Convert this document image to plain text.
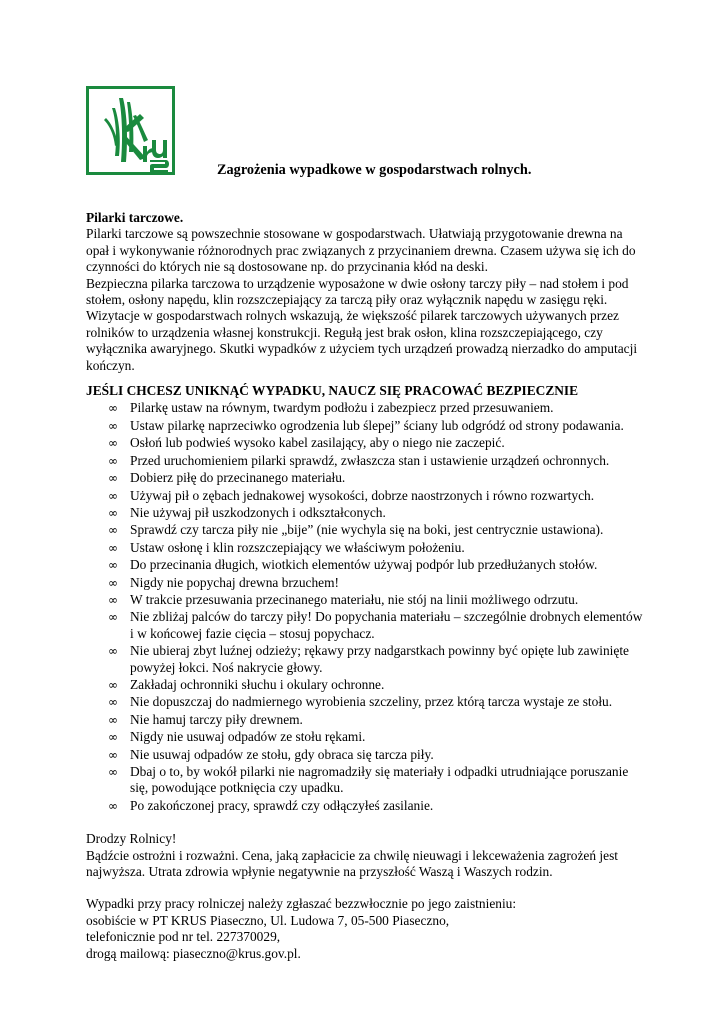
Zagrożenia wypadkowe w gospodarstwach rolnych.

Pilarki tarczowe.

Pilarki tarczowe są powszechnie stosowane w gospodarstwach. Ułatwiają przygotowanie drewna na opał i wykonywanie różnorodnych prac związanych z przycinaniem drewna. Czasem używa się ich do czynności do których nie są dostosowane np. do przycinania kłód na deski.

Bezpieczna pilarka tarczowa to urządzenie wyposażone w dwie osłony tarczy piły – nad stołem i pod stołem, osłony napędu, klin rozszczepiający za tarczą piły oraz wyłącznik napędu w zasięgu ręki.

Wizytacje w gospodarstwach rolnych wskazują, że większość pilarek tarczowych używanych przez rolników to urządzenia własnej konstrukcji. Regułą jest brak osłon, klina rozszczepiającego, czy wyłącznika awaryjnego. Skutki wypadków z użyciem tych urządzeń prowadzą nierzadko do amputacji kończyn.

JEŚLI CHCESZ UNIKNĄĆ WYPADKU, NAUCZ SIĘ PRACOWAĆ BEZPIECZNIE

∞ Pilarkę ustaw na równym, twardym podłożu i zabezpiecz przed przesuwaniem.
∞ Ustaw pilarkę naprzeciwko ogrodzenia lub ślepej” ściany lub odgródź od strony podawania.
∞ Osłoń lub podwieś wysoko kabel zasilający, aby o niego nie zaczepić.
∞ Przed uruchomieniem pilarki sprawdź, zwłaszcza stan i ustawienie urządzeń ochronnych.
∞ Dobierz piłę do przecinanego materiału.
∞ Używaj pił o zębach jednakowej wysokości, dobrze naostrzonych i równo rozwartych.
∞ Nie używaj pił uszkodzonych i odkształconych.
∞ Sprawdź czy tarcza piły nie „bije” (nie wychyla się na boki, jest centrycznie ustawiona).
∞ Ustaw osłonę i klin rozszczepiający we właściwym położeniu.
∞ Do przecinania długich, wiotkich elementów używaj podpór lub przedłużanych stołów.
∞ Nigdy nie popychaj drewna brzuchem!
∞ W trakcie przesuwania przecinanego materiału, nie stój na linii możliwego odrzutu.
∞ Nie zbliżaj palców do tarczy piły! Do popychania materiału – szczególnie drobnych elementów i w końcowej fazie cięcia – stosuj popychacz.
∞ Nie ubieraj zbyt luźnej odzieży; rękawy przy nadgarstkach powinny być opięte lub zawinięte powyżej łokci. Noś nakrycie głowy.
∞ Zakładaj ochronniki słuchu i okulary ochronne.
∞ Nie dopuszczaj do nadmiernego wyrobienia szczeliny, przez którą tarcza wystaje ze stołu.
∞ Nie hamuj tarczy piły drewnem.
∞ Nigdy nie usuwaj odpadów ze stołu rękami.
∞ Nie usuwaj odpadów ze stołu, gdy obraca się tarcza piły.
∞ Dbaj o to, by wokół pilarki nie nagromadziły się materiały i odpadki utrudniające poruszanie się, powodujące potknięcia czy upadku.
∞ Po zakończonej pracy, sprawdź czy odłączyłeś zasilanie.

Drodzy Rolnicy!

Bądźcie ostrożni i rozważni. Cena, jaką zapłacicie za chwilę nieuwagi i lekceważenia zagrożeń jest najwyższa. Utrata zdrowia wpłynie negatywnie na przyszłość Waszą i Waszych rodzin.

Wypadki przy pracy rolniczej należy zgłaszać bezzwłocznie po jego zaistnieniu:

osobiście w PT KRUS Piaseczno, Ul. Ludowa 7, 05-500 Piaseczno,

telefonicznie pod nr tel. 227370029,

drogą mailową: piaseczno@krus.gov.pl.
